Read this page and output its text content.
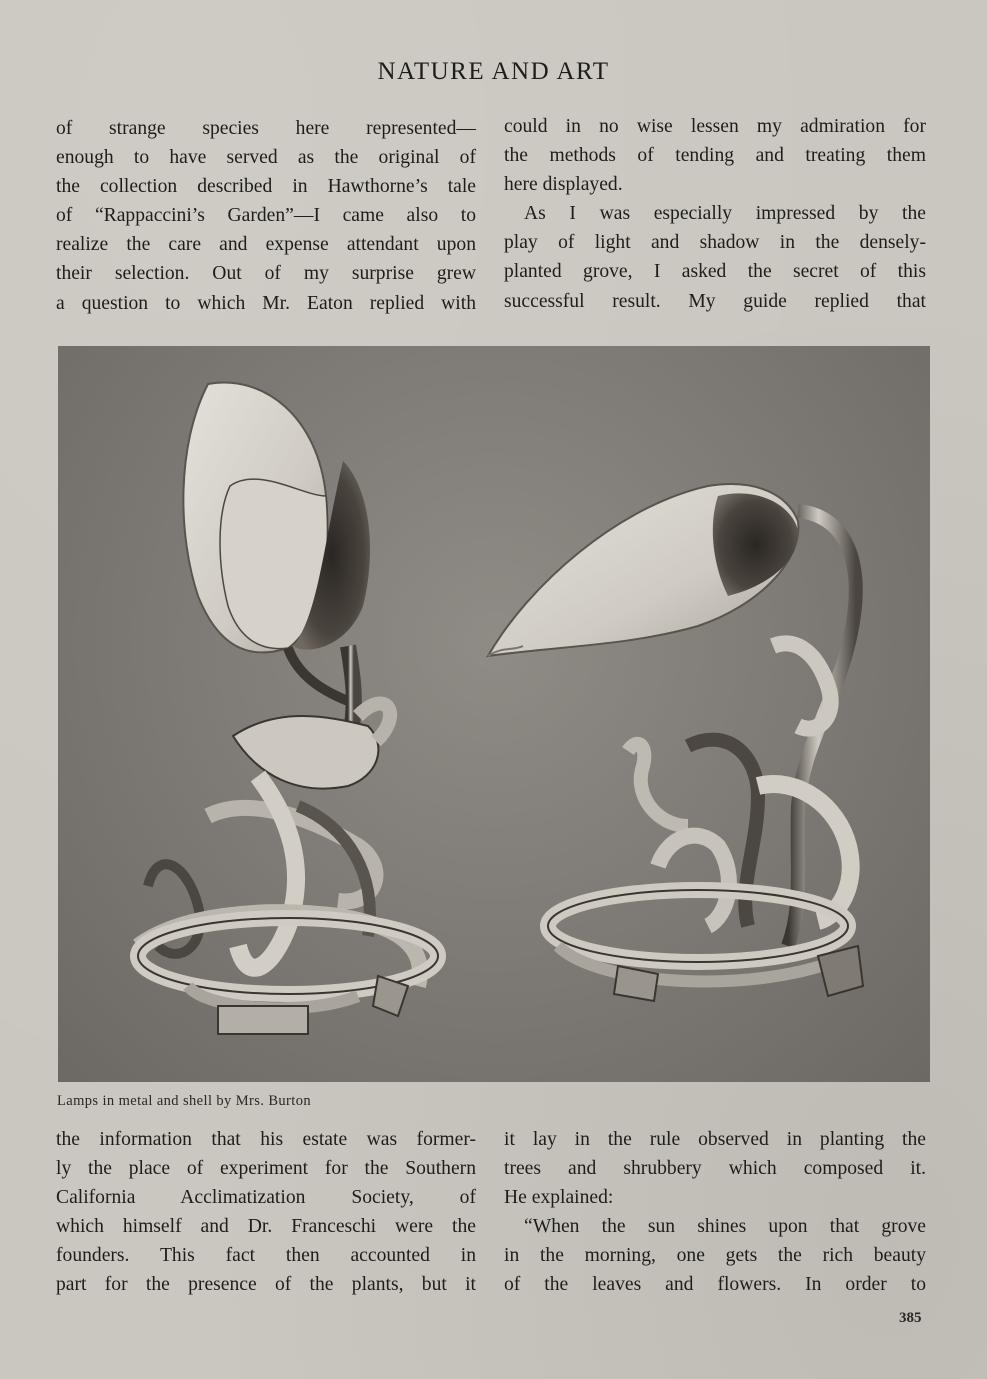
NATURE AND ART
of strange species here represented—
enough to have served as the original of
the collection described in Hawthorne’s tale
of “Rappaccini’s Garden”—I came also to
realize the care and expense attendant upon
their selection. Out of my surprise grew
a question to which Mr. Eaton replied with
could in no wise lessen my admiration for
the methods of tending and treating them
here displayed.
As I was especially impressed by the
play of light and shadow in the densely-
planted grove, I asked the secret of this
successful result. My guide replied that
Lamps in metal and shell by Mrs. Burton
the information that his estate was former-
ly the place of experiment for the Southern
California Acclimatization Society, of
which himself and Dr. Franceschi were the
founders. This fact then accounted in
part for the presence of the plants, but it
it lay in the rule observed in planting the
trees and shrubbery which composed it.
He explained:
“When the sun shines upon that grove
in the morning, one gets the rich beauty
of the leaves and flowers. In order to
385
